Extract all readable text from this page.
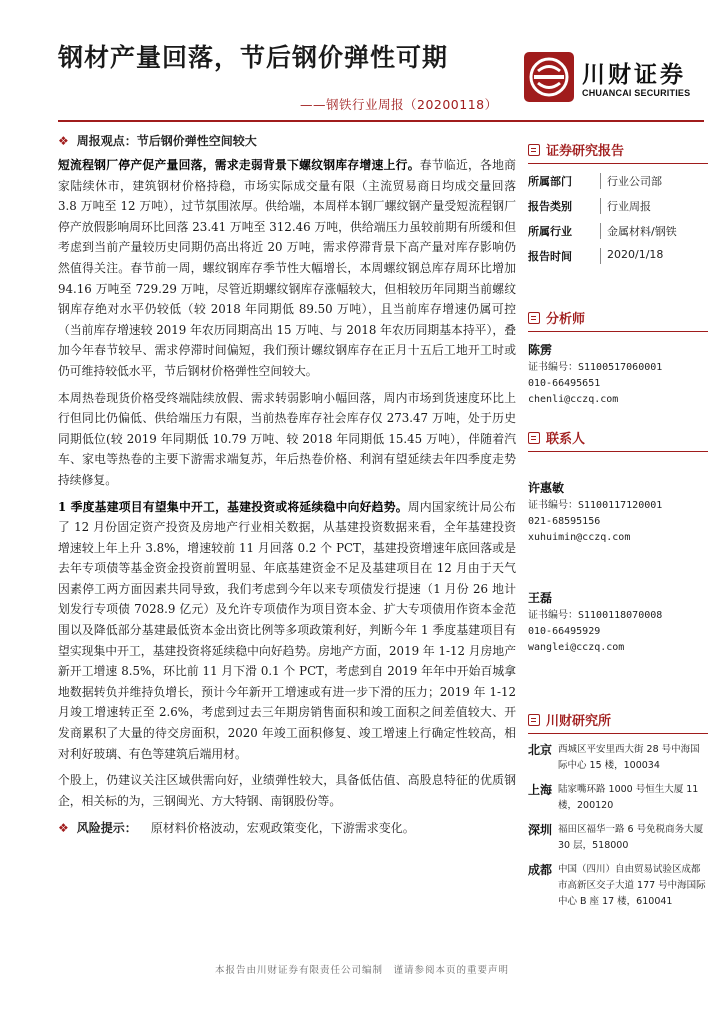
钢材产量回落，节后钢价弹性可期
——钢铁行业周报（20200118）
川财证券
CHUANCAI SECURITIES
❖ 周报观点：节后钢价弹性空间较大

短流程钢厂停产促产量回落，需求走弱背景下螺纹钢库存增速上行。春节临近，各地商家陆续休市，建筑钢材价格持稳，市场实际成交量有限（主流贸易商日均成交量回落 3.8 万吨至 12 万吨），过节氛围浓厚。供给端，本周样本钢厂螺纹钢产量受短流程钢厂停产放假影响周环比回落 23.41 万吨至 312.46 万吨，供给端压力虽较前期有所缓和但考虑到当前产量较历史同期仍高出将近 20 万吨，需求停滞背景下高产量对库存影响仍然值得关注。春节前一周，螺纹钢库存季节性大幅增长，本周螺纹钢总库存周环比增加 94.16 万吨至 729.29 万吨，尽管近期螺纹钢库存涨幅较大，但相较历年同期当前螺纹钢库存绝对水平仍较低（较 2018 年同期低 89.50 万吨），且当前库存增速仍属可控（当前库存增速较 2019 年农历同期高出 15 万吨、与 2018 年农历同期基本持平），叠加今年春节较早、需求停滞时间偏短，我们预计螺纹钢库存在正月十五后工地开工时或仍可维持较低水平，节后钢材价格弹性空间较大。

本周热卷现货价格受终端陆续放假、需求转弱影响小幅回落，周内市场到货速度环比上行但同比仍偏低、供给端压力有限，当前热卷库存社会库存仅 273.47 万吨，处于历史同期低位(较 2019 年同期低 10.79 万吨、较 2018 年同期低 15.45 万吨），伴随着汽车、家电等热卷的主要下游需求端复苏，年后热卷价格、利润有望延续去年四季度走势持续修复。

1 季度基建项目有望集中开工，基建投资或将延续稳中向好趋势。周内国家统计局公布了 12 月份固定资产投资及房地产行业相关数据，从基建投资数据来看，全年基建投资增速较上年上升 3.8%，增速较前 11 月回落 0.2 个 PCT，基建投资增速年底回落或是去年专项债等基金资金投资前置明显、年底基建资金不足及基建项目在 12 月由于天气因素停工两方面因素共同导致，我们考虑到今年以来专项债发行提速（1 月份 26 地计划发行专项债 7028.9 亿元）及允许专项债作为项目资本金、扩大专项债用作资本金范围以及降低部分基建最低资本金出资比例等多项政策利好，判断今年 1 季度基建项目有望实现集中开工，基建投资将延续稳中向好趋势。房地产方面，2019 年 1-12 月房地产新开工增速 8.5%，环比前 11 月下滑 0.1 个 PCT，考虑到自 2019 年年中开始百城拿地数据转负并维持负增长，预计今年新开工增速或有进一步下滑的压力；2019 年 1-12 月竣工增速转正至 2.6%，考虑到过去三年期房销售面积和竣工面积之间差值较大、开发商累积了大量的待交房面积，2020 年竣工面积修复、竣工增速上行确定性较高，相对利好玻璃、有色等建筑后端用材。

个股上，仍建议关注区域供需向好，业绩弹性较大，具备低估值、高股息特征的优质钢企，相关标的为，三钢闽光、方大特钢、南钢股份等。

❖ 风险提示： 原材料价格波动，宏观政策变化，下游需求变化。
证券研究报告
所属部门	行业公司部
报告类别	行业周报
所属行业	金属材料/钢铁
报告时间	2020/1/18
分析师
陈雳
证书编号：S1100517060001
010-66495651
chenli@cczq.com
联系人
许惠敏
证书编号：S1100117120001
021-68595156
xuhuimin@cczq.com
王磊
证书编号：S1100118070008
010-66495929
wanglei@cczq.com
川财研究所
北京 西城区平安里西大街 28 号中海国际中心 15 楼，100034
上海 陆家嘴环路 1000 号恒生大厦 11 楼，200120
深圳 福田区福华一路 6 号免税商务大厦 30 层，518000
成都 中国（四川）自由贸易试验区成都市高新区交子大道 177 号中海国际中心 B 座 17 楼，610041
本报告由川财证券有限责任公司编制　谨请参阅本页的重要声明
